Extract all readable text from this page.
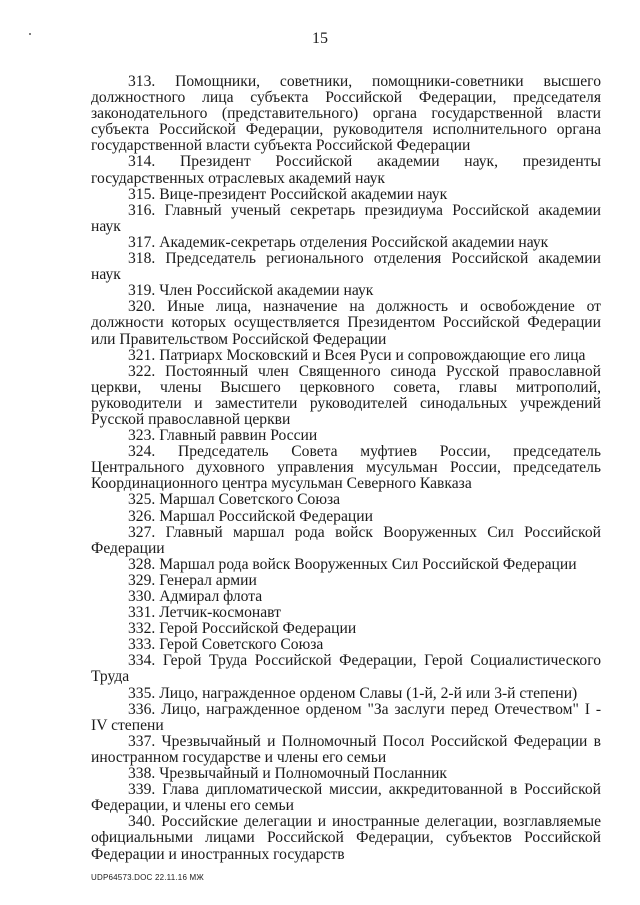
15

313. Помощники, советники, помощники-советники высшего должностного лица субъекта Российской Федерации, председателя законодательного (представительного) органа государственной власти субъекта Российской Федерации, руководителя исполнительного органа государственной власти субъекта Российской Федерации

314. Президент Российской академии наук, президенты государственных отраслевых академий наук

315. Вице-президент Российской академии наук

316. Главный ученый секретарь президиума Российской академии наук

317. Академик-секретарь отделения Российской академии наук

318. Председатель регионального отделения Российской академии наук

319. Член Российской академии наук

320. Иные лица, назначение на должность и освобождение от должности которых осуществляется Президентом Российской Федерации или Правительством Российской Федерации

321. Патриарх Московский и Всея Руси и сопровождающие его лица

322. Постоянный член Священного синода Русской православной церкви, члены Высшего церковного совета, главы митрополий, руководители и заместители руководителей синодальных учреждений Русской православной церкви

323. Главный раввин России

324. Председатель Совета муфтиев России, председатель Центрального духовного управления мусульман России, председатель Координационного центра мусульман Северного Кавказа

325. Маршал Советского Союза

326. Маршал Российской Федерации

327. Главный маршал рода войск Вооруженных Сил Российской Федерации

328. Маршал рода войск Вооруженных Сил Российской Федерации

329. Генерал армии

330. Адмирал флота

331. Летчик-космонавт

332. Герой Российской Федерации

333. Герой Советского Союза

334. Герой Труда Российской Федерации, Герой Социалистического Труда

335. Лицо, награжденное орденом Славы (1-й, 2-й или 3-й степени)

336. Лицо, награжденное орденом "За заслуги перед Отечеством" I - IV степени

337. Чрезвычайный и Полномочный Посол Российской Федерации в иностранном государстве и члены его семьи

338. Чрезвычайный и Полномочный Посланник

339. Глава дипломатической миссии, аккредитованной в Российской Федерации, и члены его семьи

340. Российские делегации и иностранные делегации, возглавляемые официальными лицами Российской Федерации, субъектов Российской Федерации и иностранных государств

UDP64573.DOC 22.11.16 МЖ
